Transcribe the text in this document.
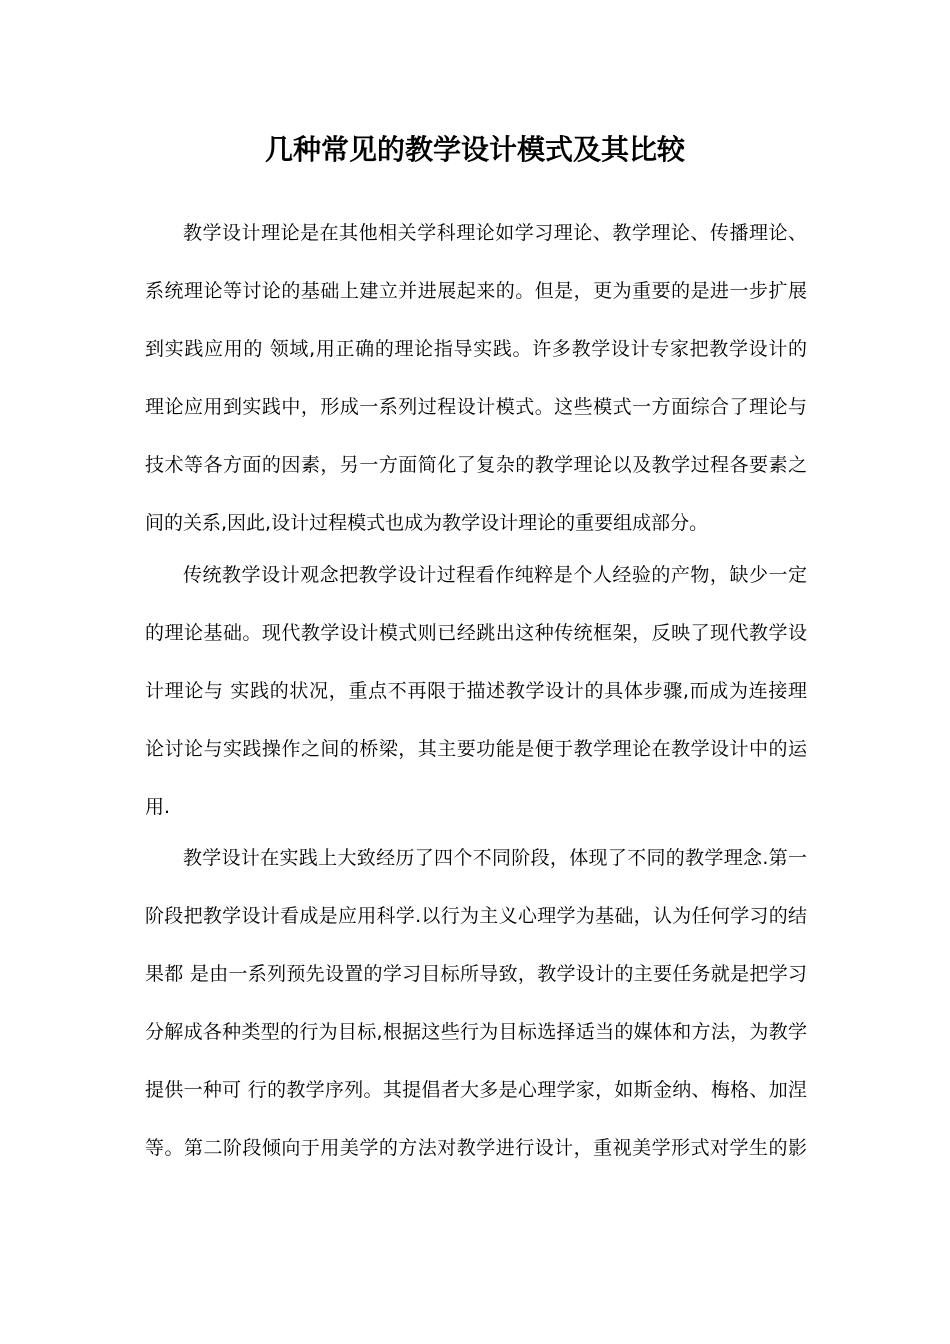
几种常见的教学设计模式及其比较
教学设计理论是在其他相关学科理论如学习理论、教学理论、传播理论、
系统理论等讨论的基础上建立并进展起来的。但是，更为重要的是进一步扩展
到实践应用的 领域,用正确的理论指导实践。许多教学设计专家把教学设计的
理论应用到实践中，形成一系列过程设计模式。这些模式一方面综合了理论与
技术等各方面的因素，另一方面简化了复杂的教学理论以及教学过程各要素之
间的关系,因此,设计过程模式也成为教学设计理论的重要组成部分。
传统教学设计观念把教学设计过程看作纯粹是个人经验的产物，缺少一定
的理论基础。现代教学设计模式则已经跳出这种传统框架，反映了现代教学设
计理论与 实践的状况，重点不再限于描述教学设计的具体步骤,而成为连接理
论讨论与实践操作之间的桥梁，其主要功能是便于教学理论在教学设计中的运
用.
教学设计在实践上大致经历了四个不同阶段，体现了不同的教学理念.第一
阶段把教学设计看成是应用科学.以行为主义心理学为基础，认为任何学习的结
果都 是由一系列预先设置的学习目标所导致，教学设计的主要任务就是把学习
分解成各种类型的行为目标,根据这些行为目标选择适当的媒体和方法，为教学
提供一种可 行的教学序列。其提倡者大多是心理学家，如斯金纳、梅格、加涅
等。第二阶段倾向于用美学的方法对教学进行设计，重视美学形式对学生的影
